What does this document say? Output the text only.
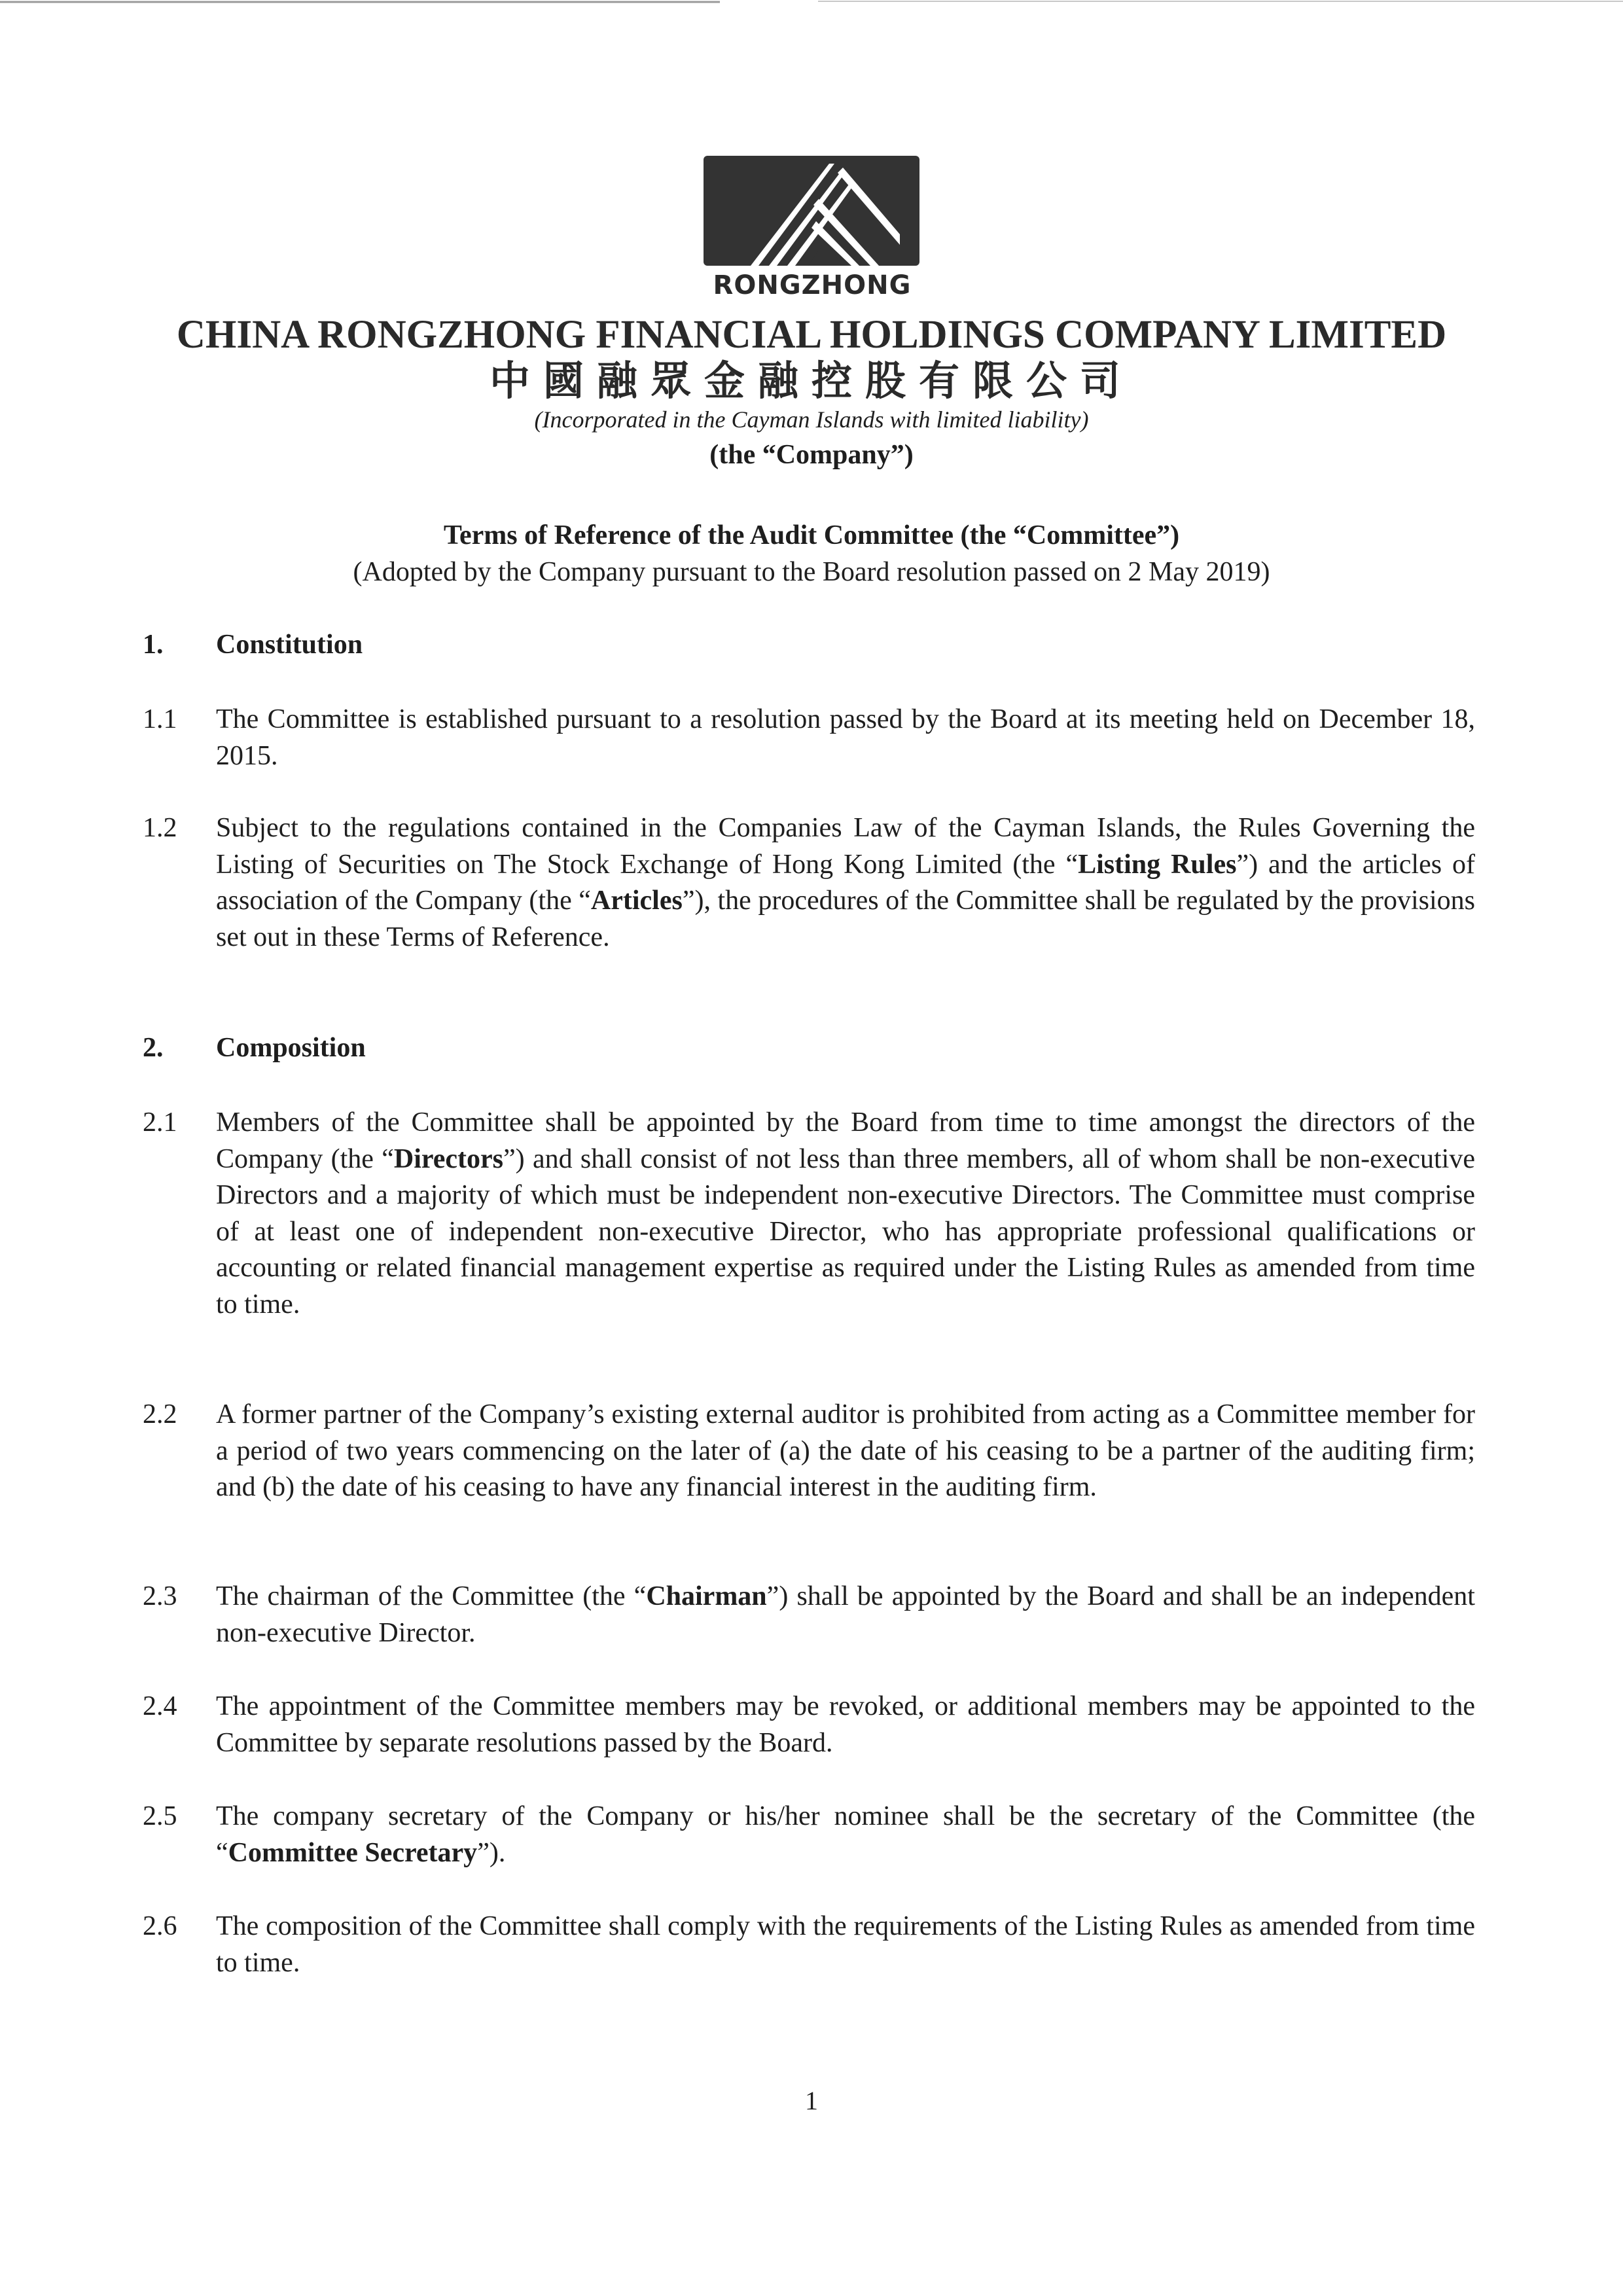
RONGZHONG
CHINA RONGZHONG FINANCIAL HOLDINGS COMPANY LIMITED
中國融眾金融控股有限公司
(Incorporated in the Cayman Islands with limited liability)
(the “Company”)
Terms of Reference of the Audit Committee (the “Committee”)
(Adopted by the Company pursuant to the Board resolution passed on 2 May 2019)
1. Constitution
1.1 The Committee is established pursuant to a resolution passed by the Board at its meeting held on December 18, 2015.
1.2 Subject to the regulations contained in the Companies Law of the Cayman Islands, the Rules Governing the Listing of Securities on The Stock Exchange of Hong Kong Limited (the “Listing Rules”) and the articles of association of the Company (the “Articles”), the procedures of the Committee shall be regulated by the provisions set out in these Terms of Reference.
2. Composition
2.1 Members of the Committee shall be appointed by the Board from time to time amongst the directors of the Company (the “Directors”) and shall consist of not less than three members, all of whom shall be non-executive Directors and a majority of which must be independent non-executive Directors. The Committee must comprise of at least one of independent non-executive Director, who has appropriate professional qualifications or accounting or related financial management expertise as required under the Listing Rules as amended from time to time.
2.2 A former partner of the Company’s existing external auditor is prohibited from acting as a Committee member for a period of two years commencing on the later of (a) the date of his ceasing to be a partner of the auditing firm; and (b) the date of his ceasing to have any financial interest in the auditing firm.
2.3 The chairman of the Committee (the “Chairman”) shall be appointed by the Board and shall be an independent non-executive Director.
2.4 The appointment of the Committee members may be revoked, or additional members may be appointed to the Committee by separate resolutions passed by the Board.
2.5 The company secretary of the Company or his/her nominee shall be the secretary of the Committee (the “Committee Secretary”).
2.6 The composition of the Committee shall comply with the requirements of the Listing Rules as amended from time to time.
1
